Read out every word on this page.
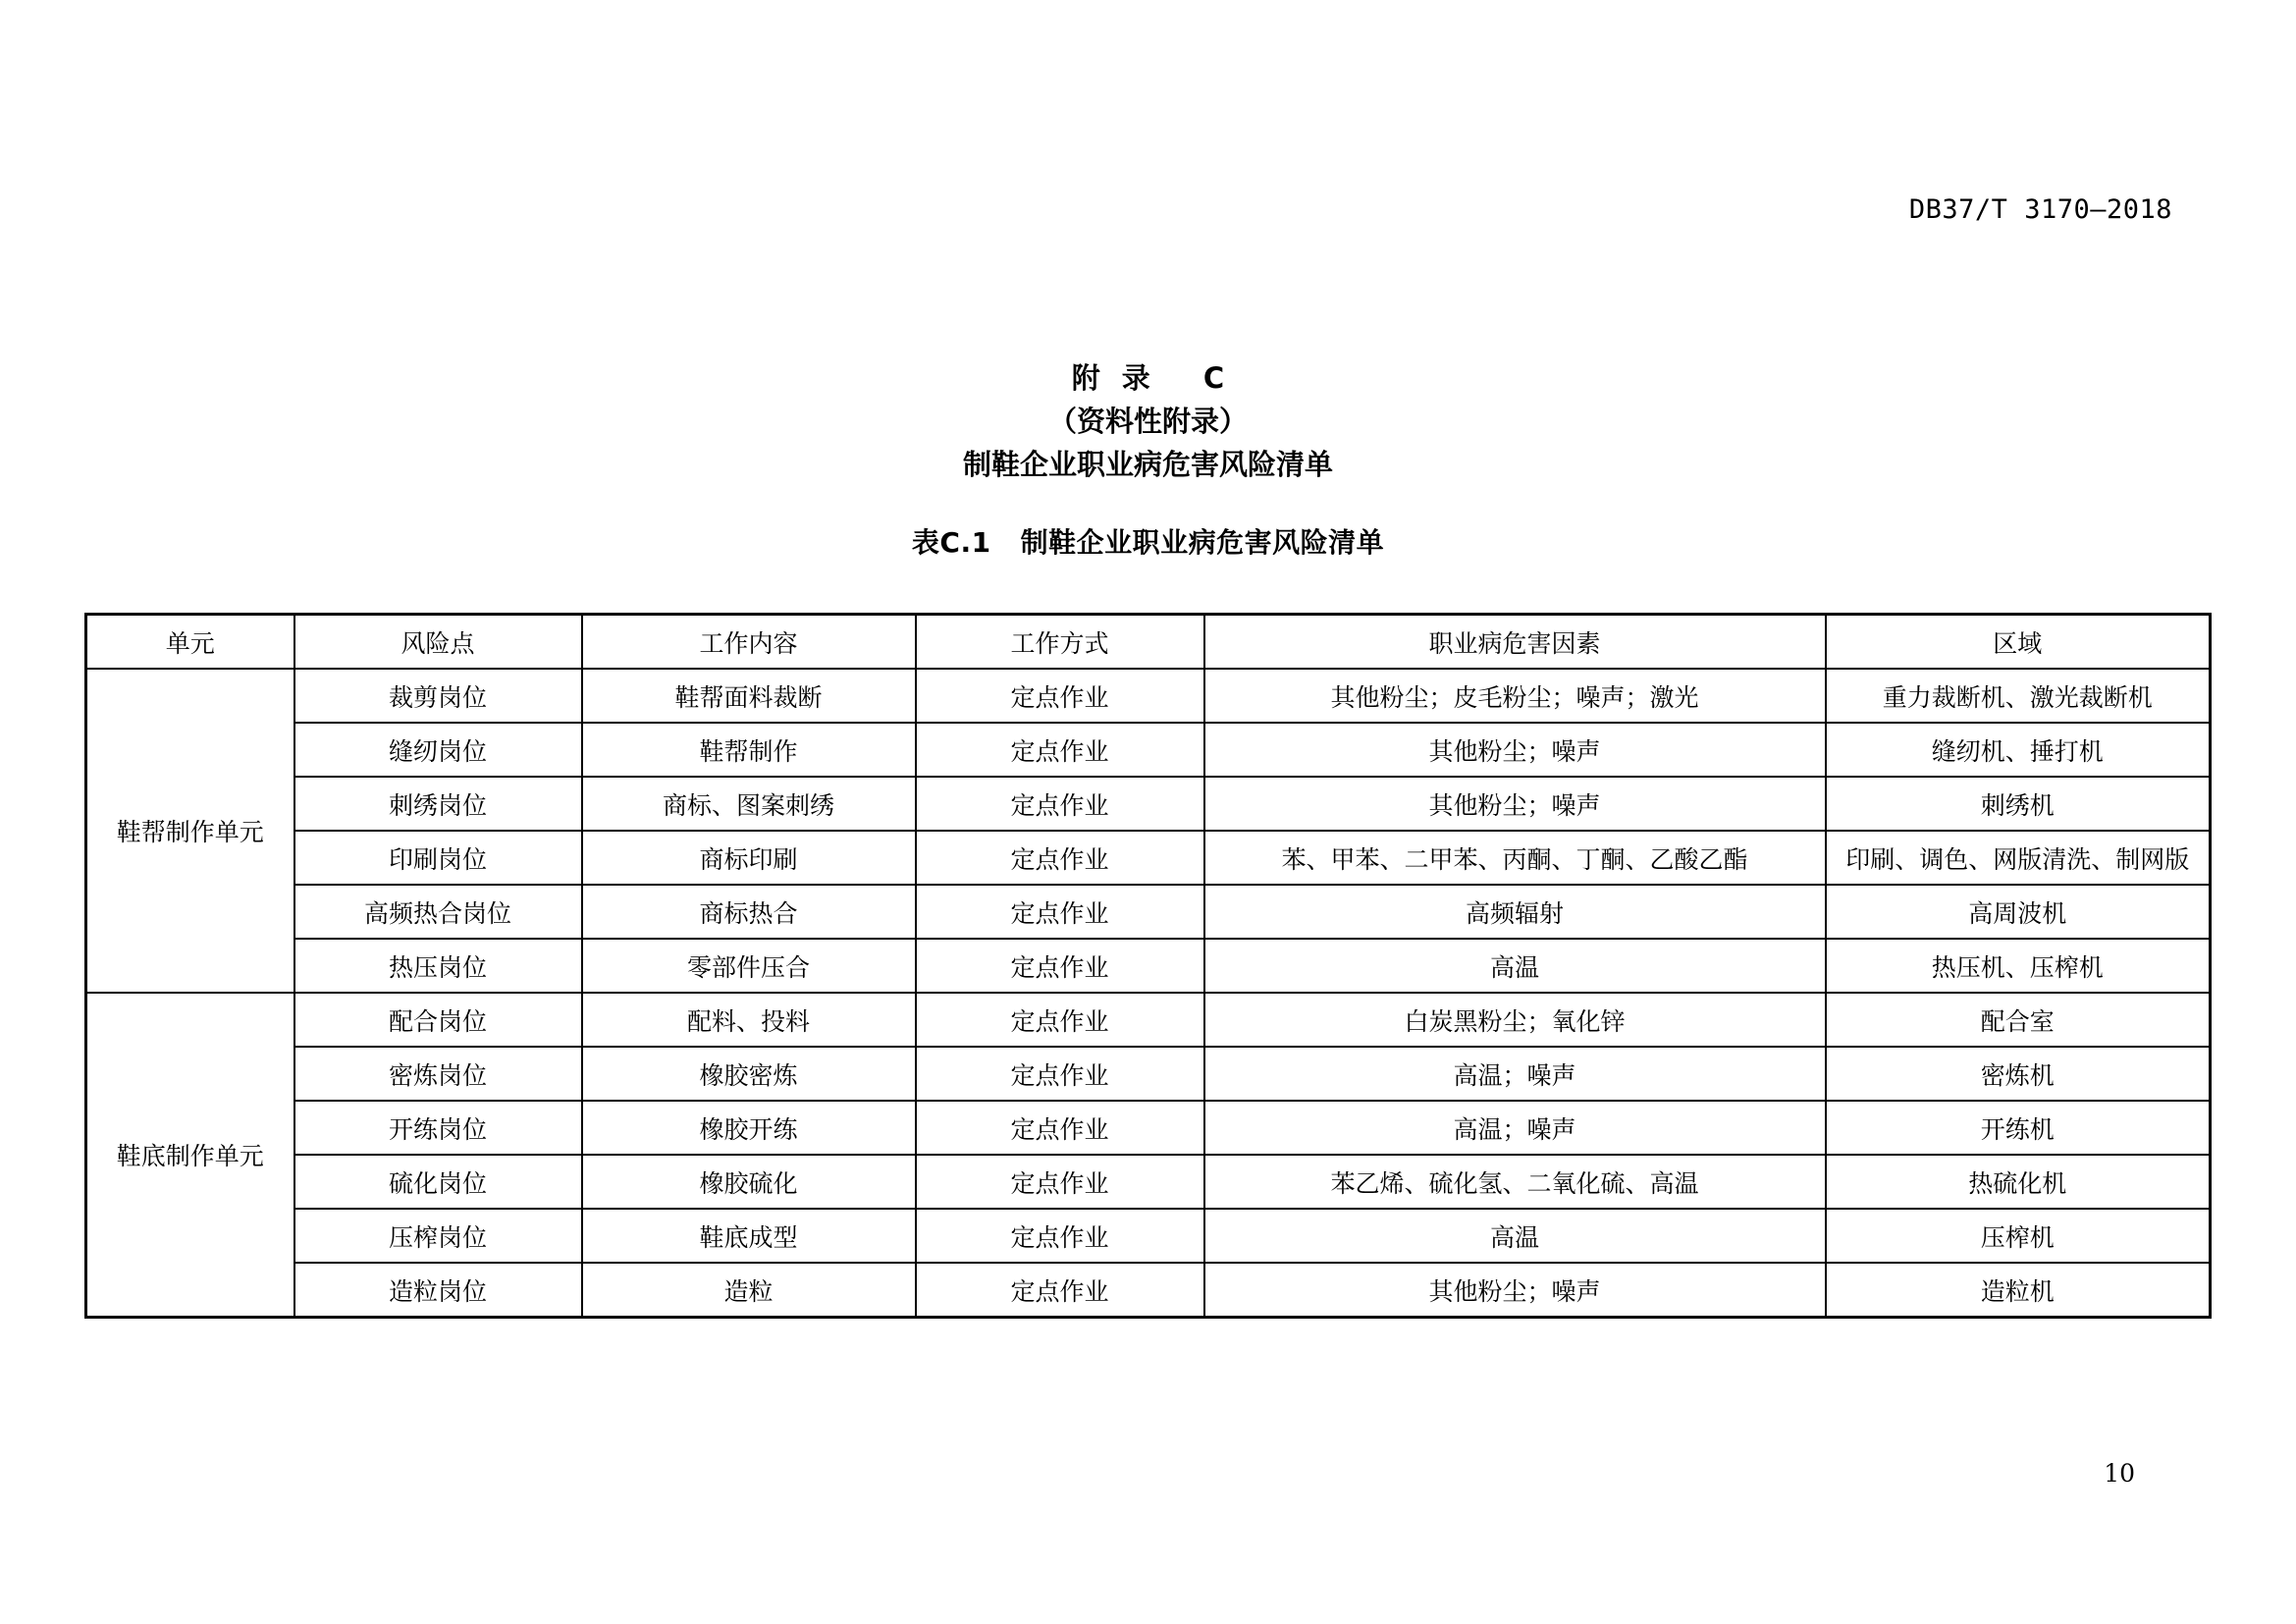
DB37/T 3170—2018
附录 C
（资料性附录）
制鞋企业职业病危害风险清单
表C.1 制鞋企业职业病危害风险清单
单元	风险点	工作内容	工作方式	职业病危害因素	区域
鞋帮制作单元	裁剪岗位	鞋帮面料裁断	定点作业	其他粉尘；皮毛粉尘；噪声；激光	重力裁断机、激光裁断机
	缝纫岗位	鞋帮制作	定点作业	其他粉尘；噪声	缝纫机、捶打机
	刺绣岗位	商标、图案刺绣	定点作业	其他粉尘；噪声	刺绣机
	印刷岗位	商标印刷	定点作业	苯、甲苯、二甲苯、丙酮、丁酮、乙酸乙酯	印刷、调色、网版清洗、制网版
	高频热合岗位	商标热合	定点作业	高频辐射	高周波机
	热压岗位	零部件压合	定点作业	高温	热压机、压榨机
鞋底制作单元	配合岗位	配料、投料	定点作业	白炭黑粉尘；氧化锌	配合室
	密炼岗位	橡胶密炼	定点作业	高温；噪声	密炼机
	开练岗位	橡胶开练	定点作业	高温；噪声	开练机
	硫化岗位	橡胶硫化	定点作业	苯乙烯、硫化氢、二氧化硫、高温	热硫化机
	压榨岗位	鞋底成型	定点作业	高温	压榨机
	造粒岗位	造粒	定点作业	其他粉尘；噪声	造粒机
10
